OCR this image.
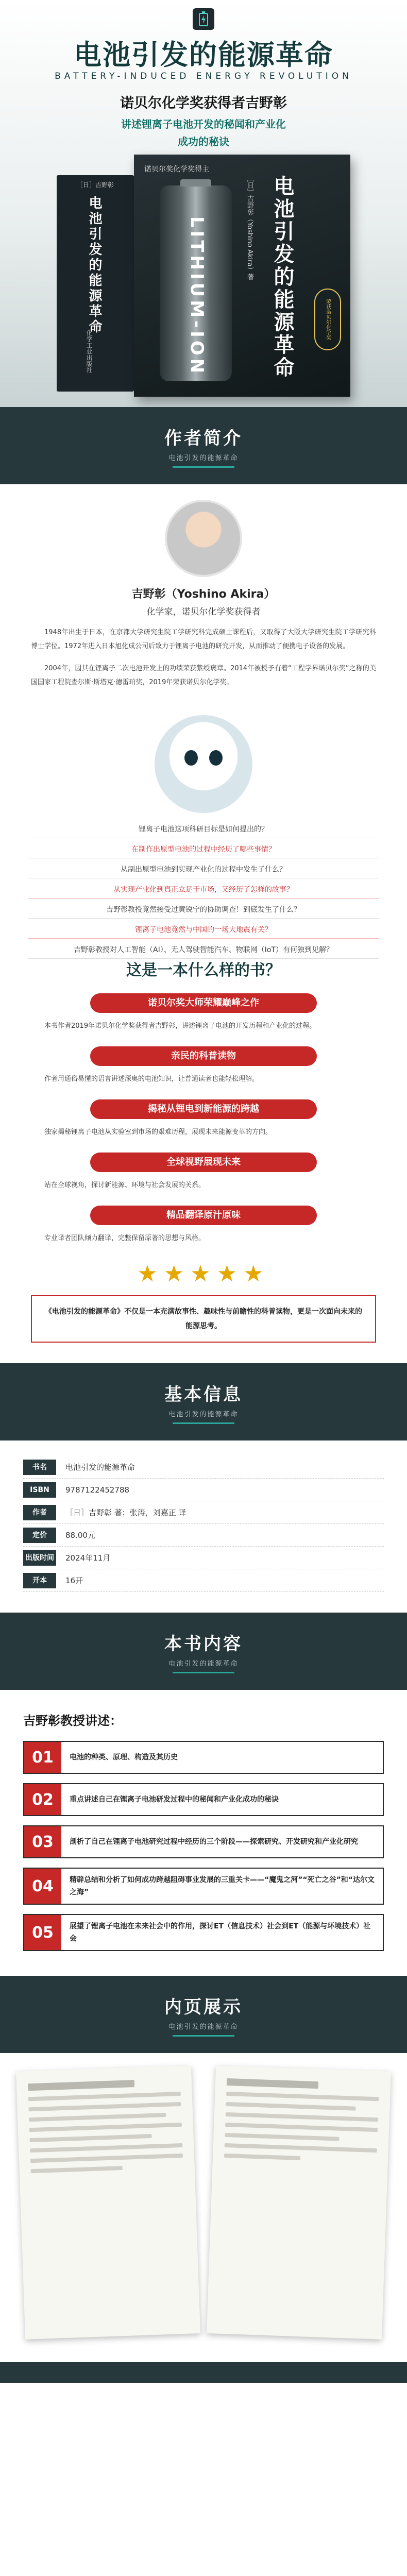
电池引发的能源革命
BATTERY-INDUCED ENERGY REVOLUTION
诺贝尔化学奖获得者吉野彰
讲述锂离子电池开发的秘闻和产业化
成功的秘诀
［日］吉野彰
电池引发的能源革命
化学工业出版社
诺贝尔奖化学奖得主
LITHIUM-ION	［日］吉野彰（Yoshino Akira）著 电池引发的能源革命	荣获诺贝尔化学奖
作者简介
电池引发的能源革命
吉野彰（Yoshino Akira）
化学家，诺贝尔化学奖获得者

1948年出生于日本，在京都大学研究生院工学研究科完成硕士课程后，又取得了大阪大学研究生院工学研究科博士学位。1972年进入日本旭化成公司后致力于锂离子电池的研究开发，从而推动了便携电子设备的发展。

2004年，因其在锂离子二次电池开发上的功绩荣获紫绶褒章。2014年被授予有着“工程学界诺贝尔奖”之称的美国国家工程院查尔斯·斯塔克·德雷珀奖，2019年荣获诺贝尔化学奖。

锂离子电池这项科研目标是如何提出的？
在制作出原型电池的过程中经历了哪些事情？
从制出原型电池到实现产业化的过程中发生了什么？
从实现产业化到真正立足于市场，又经历了怎样的故事？
吉野彰教授竟然接受过黄锐宁的协助调查！到底发生了什么？
锂离子电池竟然与中国的一场大地震有关？
吉野彰教授对人工智能（AI）、无人驾驶智能汽车、物联网（IoT）有何独到见解？
这是一本什么样的书？
诺贝尔奖大师荣耀巅峰之作

本书作者2019年诺贝尔化学奖获得者吉野彰，讲述锂离子电池的开发历程和产业化的过程。

亲民的科普读物

作者用通俗易懂的语言讲述深奥的电池知识，让普通读者也能轻松理解。

揭秘从锂电到新能源的跨越

独家揭秘锂离子电池从实验室到市场的艰难历程，展现未来能源变革的方向。

全球视野展现未来

站在全球视角，探讨新能源、环境与社会发展的关系。

精品翻译原汁原味

专业译者团队倾力翻译，完整保留原著的思想与风格。

★★★★★
《电池引发的能源革命》不仅是一本充满故事性、趣味性与前瞻性的科普读物，更是一次面向未来的能源思考。
基本信息
电池引发的能源革命
书名	电池引发的能源革命
ISBN	9787122452788
作者	［日］吉野彰 著；张涛，刘嘉正 译
定价	88.00元
出版时间 2024年11月
开本	16开
本书内容
电池引发的能源革命
吉野彰教授讲述：
01	电池的种类、原理、构造及其历史
02	重点讲述自己在锂离子电池研发过程中的秘闻和产业化成功的秘诀
03	剖析了自己在锂离子电池研究过程中经历的三个阶段——探索研究、开发研究和产业化研究
04	精辟总结和分析了如何成功跨越阻碍事业发展的三重关卡——“魔鬼之河”“死亡之谷”和“达尔文之海”
05	展望了锂离子电池在未来社会中的作用，探讨ET（信息技术）社会到ET（能源与环境技术）社会
内页展示
电池引发的能源革命
